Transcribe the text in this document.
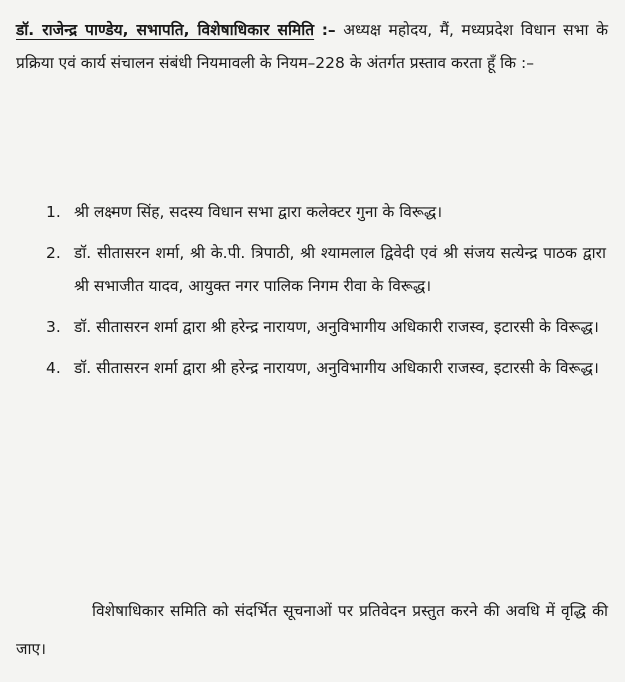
डॉ. राजेन्द्र पाण्डेय, सभापति, विशेषाधिकार समिति :– अध्यक्ष महोदय, मैं, मध्यप्रदेश विधान सभा के प्रक्रिया एवं कार्य संचालन संबंधी नियमावली के नियम–228 के अंतर्गत प्रस्ताव करता हूँ कि :–

1. श्री लक्ष्मण सिंह, सदस्य विधान सभा द्वारा कलेक्टर गुना के विरूद्ध।
2. डॉ. सीतासरन शर्मा, श्री के.पी. त्रिपाठी, श्री श्यामलाल द्विवेदी एवं श्री संजय सत्येन्द्र पाठक द्वारा श्री सभाजीत यादव, आयुक्त नगर पालिक निगम रीवा के विरूद्ध।
3. डॉ. सीतासरन शर्मा द्वारा श्री हरेन्द्र नारायण, अनुविभागीय अधिकारी राजस्व, इटारसी के विरूद्ध।
4. डॉ. सीतासरन शर्मा द्वारा श्री हरेन्द्र नारायण, अनुविभागीय अधिकारी राजस्व, इटारसी के विरूद्ध।

विशेषाधिकार समिति को संदर्भित सूचनाओं पर प्रतिवेदन प्रस्तुत करने की अवधि में वृद्धि की जाए।
